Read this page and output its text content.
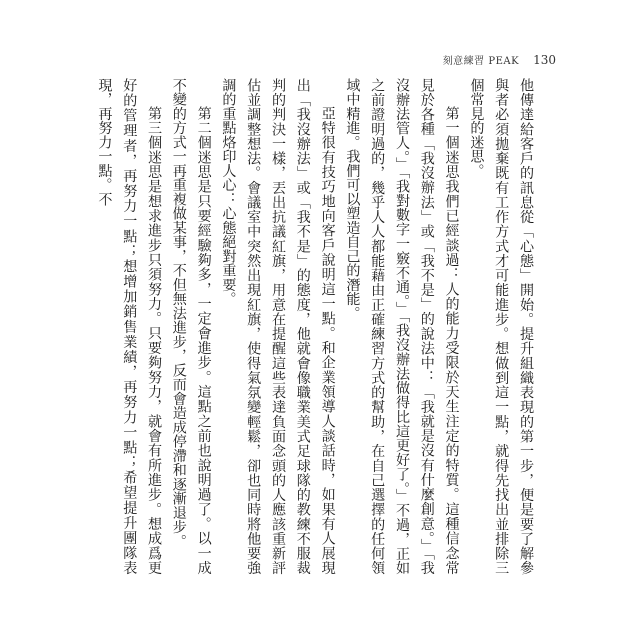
刻意練習 PEAK 130

他傳達給客戶的訊息從「心態」開始。提升組織表現的第一步，便是要了解參與者必須拋棄既有工作方式才可能進步。想做到這一點，就得先找出並排除三個常見的迷思。

第一個迷思我們已經談過：人的能力受限於天生注定的特質。這種信念常見於各種「我沒辦法」或「我不是」的說法中：「我就是沒有什麼創意。」「我沒辦法管人。」「我對數字一竅不通。」「我沒辦法做得比這更好了。」不過，正如之前證明過的，幾乎人人都能藉由正確練習方式的幫助，在自己選擇的任何領域中精進。我們可以塑造自己的潛能。

亞特很有技巧地向客戶說明這一點。和企業領導人談話時，如果有人展現出「我沒辦法」或「我不是」的態度，他就會像職業美式足球隊的教練不服裁判的判決一樣，丟出抗議紅旗，用意在提醒這些表達負面念頭的人應該重新評估並調整想法。會議室中突然出現紅旗，使得氣氛變輕鬆，卻也同時將他要強調的重點烙印人心：心態絕對重要。

第二個迷思是只要經驗夠多，一定會進步。這點之前也說明過了。以一成不變的方式一再重複做某事，不但無法進步，反而會造成停滯和逐漸退步。

第三個迷思是想求進步只須努力。只要夠努力，就會有所進步。想成爲更好的管理者，再努力一點；想增加銷售業績，再努力一點；希望提升團隊表現，再努力一點。不
